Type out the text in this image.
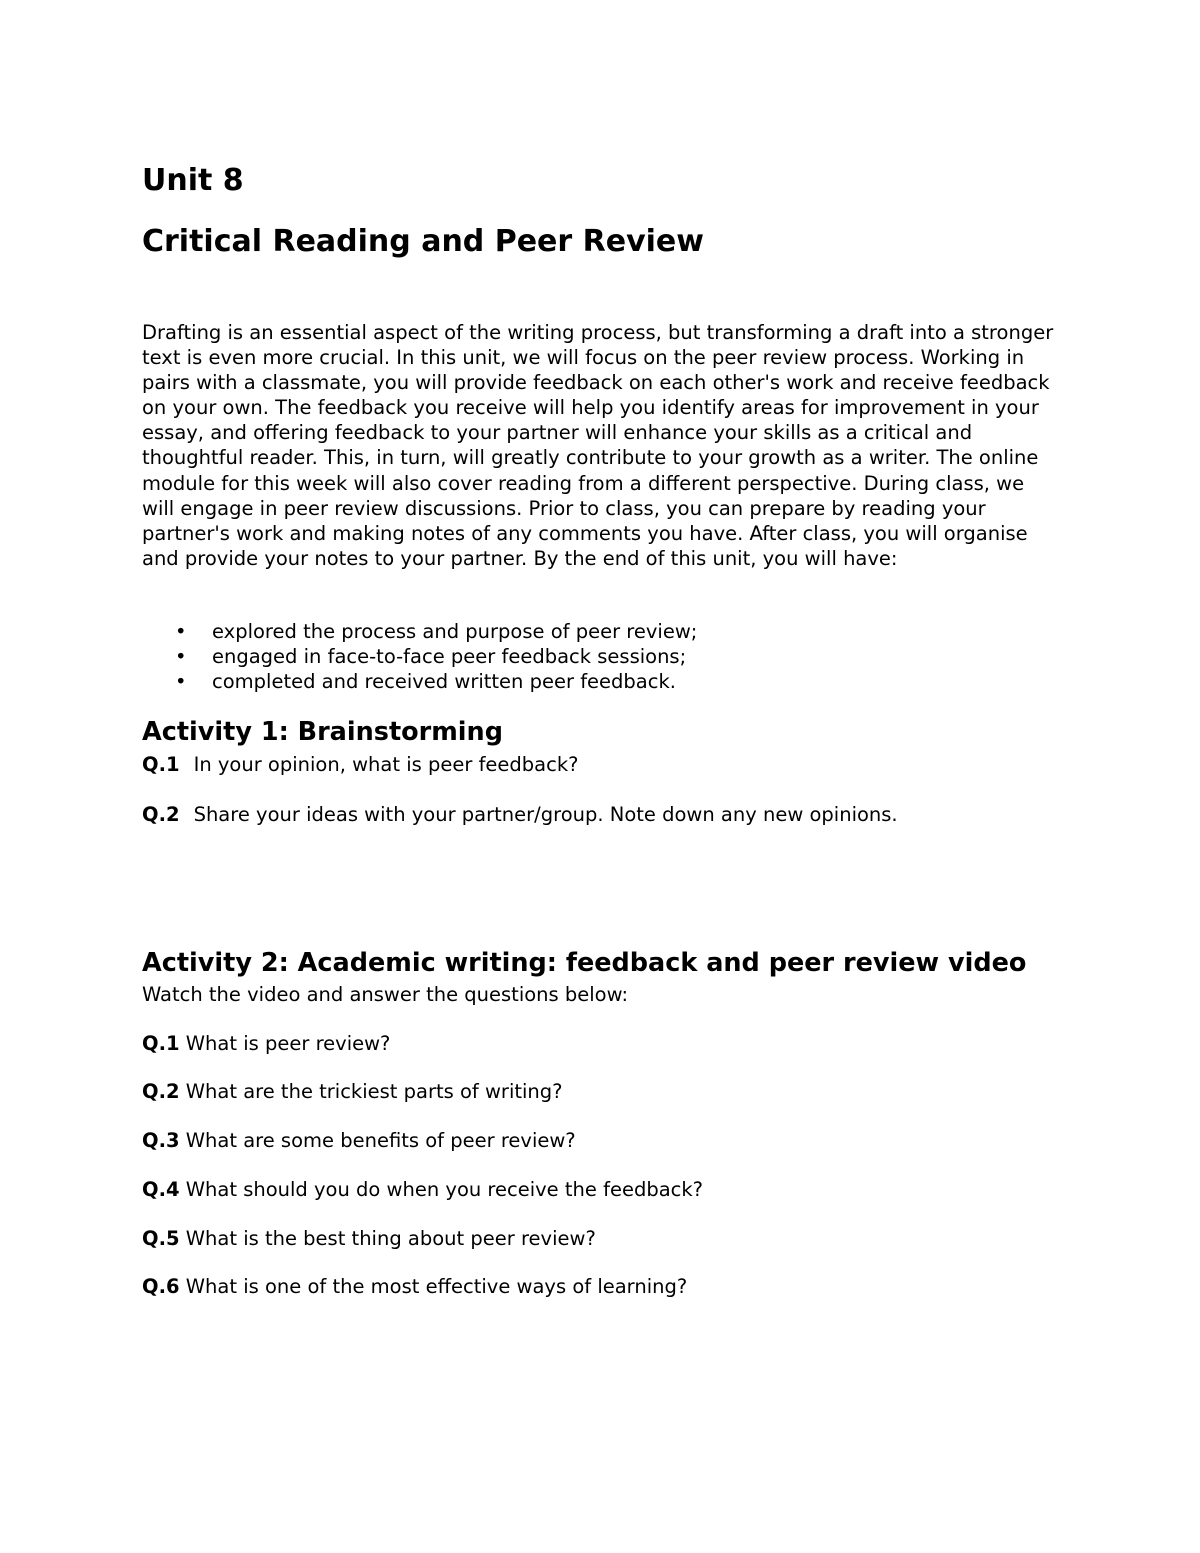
Unit 8
Critical Reading and Peer Review

Drafting is an essential aspect of the writing process, but transforming a draft into a stronger text is even more crucial. In this unit, we will focus on the peer review process. Working in pairs with a classmate, you will provide feedback on each other's work and receive feedback on your own. The feedback you receive will help you identify areas for improvement in your essay, and offering feedback to your partner will enhance your skills as a critical and thoughtful reader. This, in turn, will greatly contribute to your growth as a writer. The online module for this week will also cover reading from a different perspective. During class, we will engage in peer review discussions. Prior to class, you can prepare by reading your partner's work and making notes of any comments you have. After class, you will organise and provide your notes to your partner. By the end of this unit, you will have:

• explored the process and purpose of peer review;
• engaged in face-to-face peer feedback sessions;
• completed and received written peer feedback.
Activity 1: Brainstorming

Q.1 In your opinion, what is peer feedback?

Q.2 Share your ideas with your partner/group. Note down any new opinions.

Activity 2: Academic writing: feedback and peer review video

Watch the video and answer the questions below:

Q.1 What is peer review?

Q.2 What are the trickiest parts of writing?

Q.3 What are some benefits of peer review?

Q.4 What should you do when you receive the feedback?

Q.5 What is the best thing about peer review?

Q.6 What is one of the most effective ways of learning?
